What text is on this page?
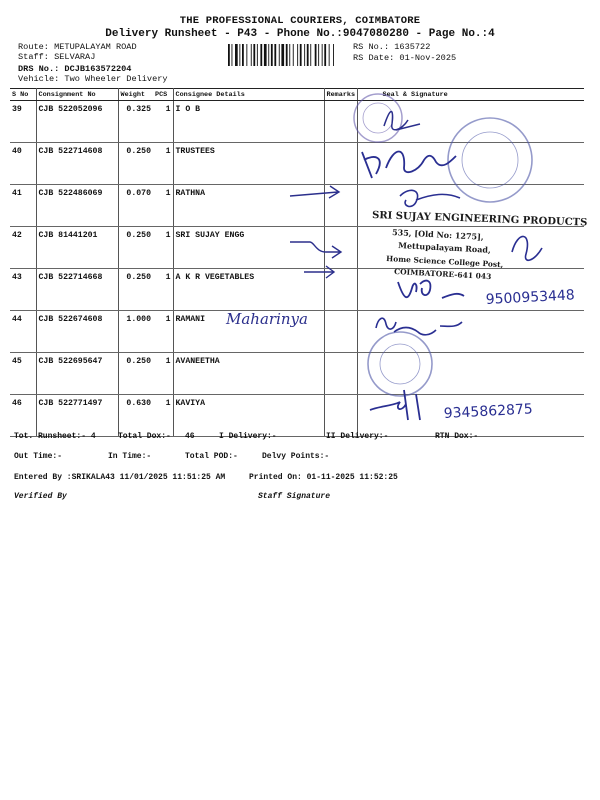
THE PROFESSIONAL COURIERS, COIMBATORE
Delivery Runsheet - P43 - Phone No.:9047080280 - Page No.:4
Route: METUPALAYAM ROAD
Staff: SELVARAJ
DRS No.: DCJB163572204
Vehicle: Two Wheeler Delivery
RS No.: 1635722
RS Date: 01-Nov-2025
S No	Consignment No	Weight	PCS	Consignee Details	Remarks	Seal & Signature
39	CJB 522052096	0.325	1	I O B		
40	CJB 522714608	0.250	1	TRUSTEES		
41	CJB 522486069	0.070	1	RATHNA		
42	CJB 81441201	0.250	1	SRI SUJAY ENGG		
43	CJB 522714668	0.250	1	A K R VEGETABLES		
44	CJB 522674608	1.000	1	RAMANI		
45	CJB 522695647	0.250	1	AVANEETHA		
46	CJB 522771497	0.630	1	KAVIYA		
Tot. Runsheet:- 4	Total Dox:- 46	I Delivery:-	II Delivery:-	RTN Dox:-
Out Time:-	In Time:-	Total POD:-	Delvy Points:-
Entered By :SRIKALA43 11/01/2025 11:51:25 AM	Printed On: 01-11-2025 11:52:25
Verified By	Staff Signature
SRI SUJAY ENGINEERING PRODUCTS
535, [Old No: 1275],
Mettupalayam Road,
Home Science College Post,
COIMBATORE-641 043
Maharinya
9500953448
9345862875
